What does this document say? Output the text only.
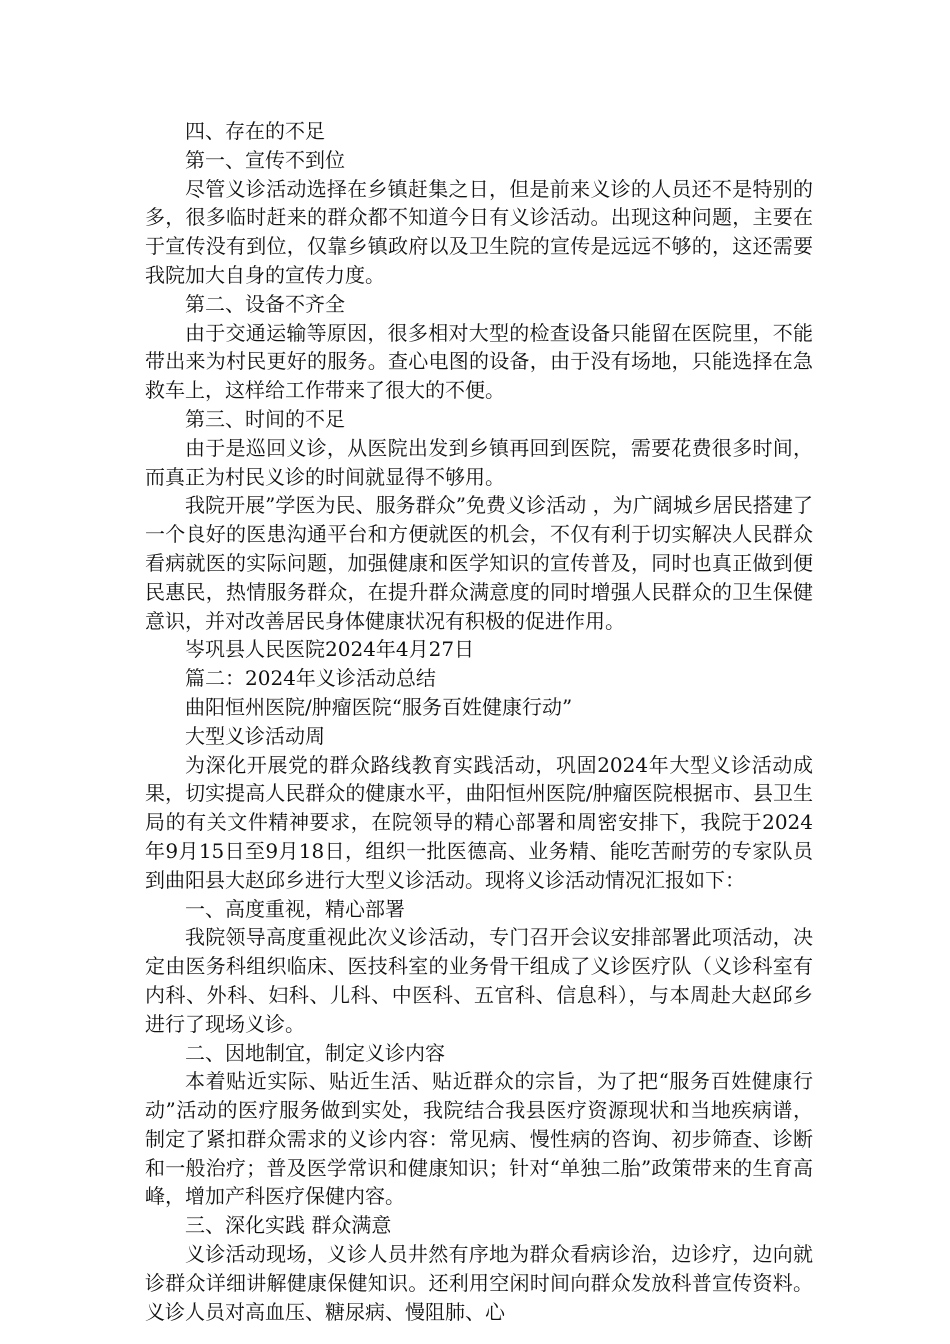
四、存在的不足

第一、宣传不到位

尽管义诊活动选择在乡镇赶集之日，但是前来义诊的人员还不是特别的多，很多临时赶来的群众都不知道今日有义诊活动。出现这种问题，主要在于宣传没有到位，仅靠乡镇政府以及卫生院的宣传是远远不够的，这还需要我院加大自身的宣传力度。

第二、设备不齐全

由于交通运输等原因，很多相对大型的检查设备只能留在医院里，不能带出来为村民更好的服务。查心电图的设备，由于没有场地，只能选择在急救车上，这样给工作带来了很大的不便。

第三、时间的不足

由于是巡回义诊，从医院出发到乡镇再回到医院，需要花费很多时间，而真正为村民义诊的时间就显得不够用。

我院开展”学医为民、服务群众”免费义诊活动 ，为广阔城乡居民搭建了一个良好的医患沟通平台和方便就医的机会，不仅有利于切实解决人民群众看病就医的实际问题，加强健康和医学知识的宣传普及，同时也真正做到便民惠民，热情服务群众，在提升群众满意度的同时增强人民群众的卫生保健意识，并对改善居民身体健康状况有积极的促进作用。

岑巩县人民医院2024年4月27日

篇二：2024年义诊活动总结

曲阳恒州医院/肿瘤医院“服务百姓健康行动”

大型义诊活动周

为深化开展党的群众路线教育实践活动，巩固2024年大型义诊活动成果，切实提高人民群众的健康水平，曲阳恒州医院/肿瘤医院根据市、县卫生局的有关文件精神要求，在院领导的精心部署和周密安排下，我院于2024年9月15日至9月18日，组织一批医德高、业务精、能吃苦耐劳的专家队员到曲阳县大赵邱乡进行大型义诊活动。现将义诊活动情况汇报如下：

一、高度重视，精心部署

我院领导高度重视此次义诊活动，专门召开会议安排部署此项活动，决定由医务科组织临床、医技科室的业务骨干组成了义诊医疗队（义诊科室有内科、外科、妇科、儿科、中医科、五官科、信息科），与本周赴大赵邱乡进行了现场义诊。

二、因地制宜，制定义诊内容

本着贴近实际、贴近生活、贴近群众的宗旨，为了把“服务百姓健康行动”活动的医疗服务做到实处，我院结合我县医疗资源现状和当地疾病谱，制定了紧扣群众需求的义诊内容：常见病、慢性病的咨询、初步筛查、诊断和一般治疗；普及医学常识和健康知识；针对“单独二胎”政策带来的生育高峰，增加产科医疗保健内容。

三、深化实践 群众满意

义诊活动现场，义诊人员井然有序地为群众看病诊治，边诊疗，边向就诊群众详细讲解健康保健知识。还利用空闲时间向群众发放科普宣传资料。义诊人员对高血压、糖尿病、慢阻肺、心
